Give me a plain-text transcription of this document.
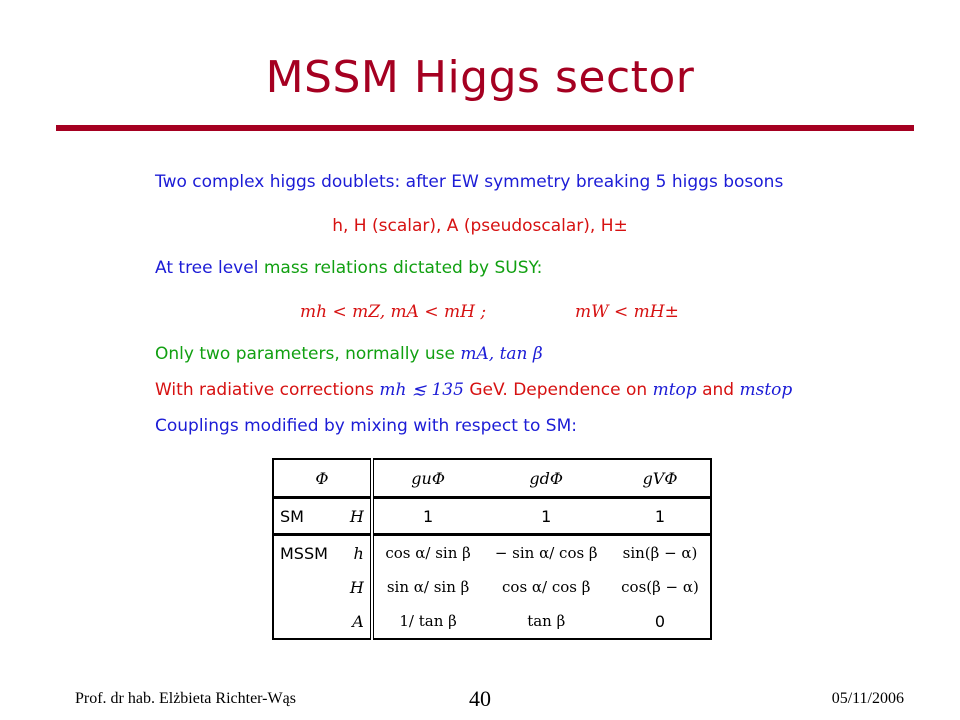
MSSM Higgs sector
Two complex higgs doublets: after EW symmetry breaking 5 higgs bosons
h, H (scalar), A (pseudoscalar), H±
At tree level mass relations dictated by SUSY:
mh < mZ, mA < mH ;	mW < mH±
Only two parameters, normally use mA, tan β
With radiative corrections mh ≲ 135 GeV. Dependence on mtop and mstop
Couplings modified by mixing with respect to SM:
Φ		guΦ	gdΦ	gVΦ
SM	H	1	1	1
MSSM	h	cos α/ sin β	− sin α/ cos β	sin(β − α)
	H	sin α/ sin β	cos α/ cos β	cos(β − α)
	A	1/ tan β	tan β	0
Prof. dr hab. Elżbieta Richter-Wąs	40	05/11/2006
